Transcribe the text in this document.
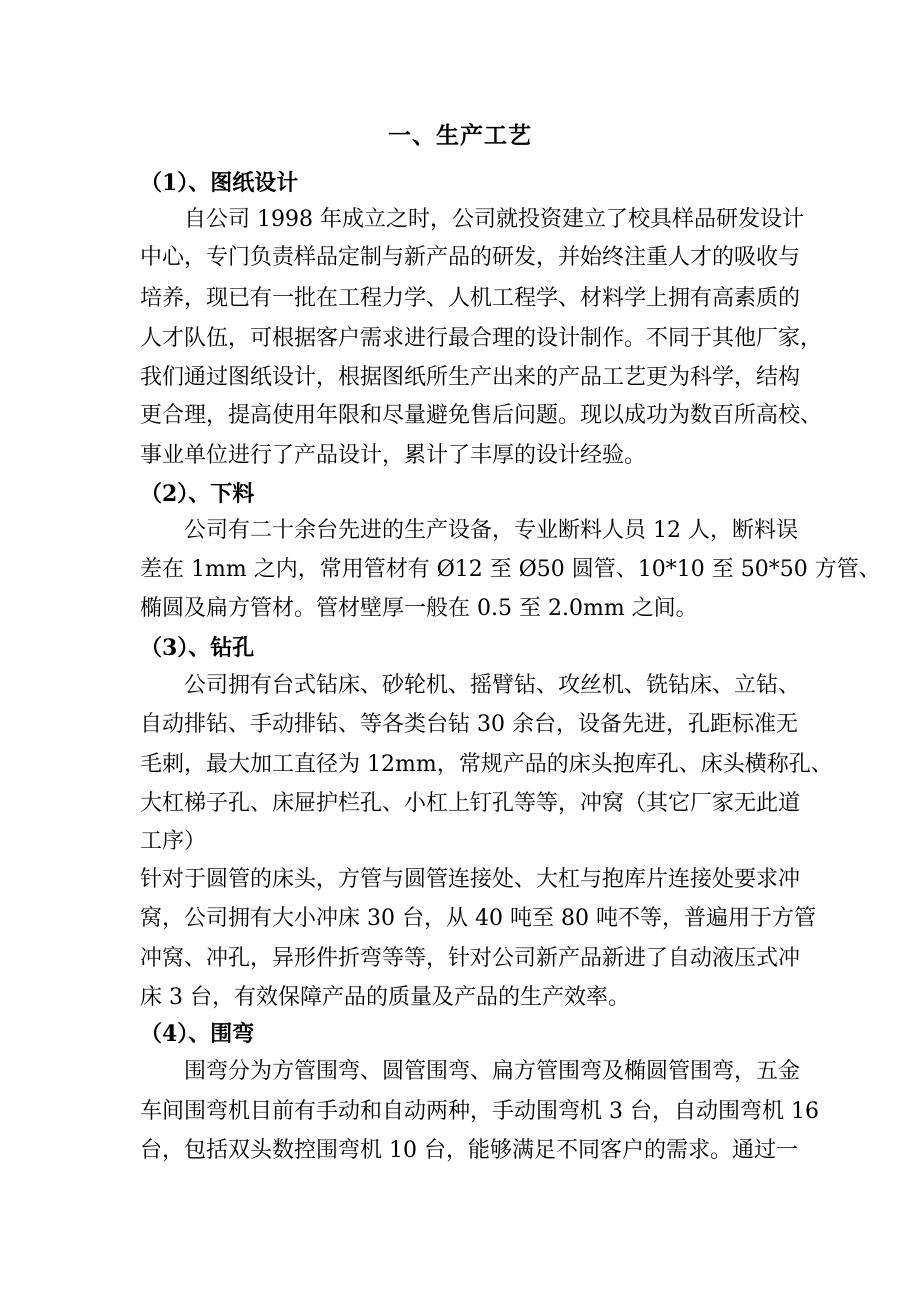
一、生产工艺
（1）、图纸设计
自公司 1998 年成立之时，公司就投资建立了校具样品研发设计
中心，专门负责样品定制与新产品的研发，并始终注重人才的吸收与
培养，现已有一批在工程力学、人机工程学、材料学上拥有高素质的
人才队伍，可根据客户需求进行最合理的设计制作。不同于其他厂家，
我们通过图纸设计，根据图纸所生产出来的产品工艺更为科学，结构
更合理，提高使用年限和尽量避免售后问题。现以成功为数百所高校、
事业单位进行了产品设计，累计了丰厚的设计经验。
（2）、下料
公司有二十余台先进的生产设备，专业断料人员 12 人，断料误
差在 1mm 之内，常用管材有 Ø12 至 Ø50 圆管、10*10 至 50*50 方管、
椭圆及扁方管材。管材壁厚一般在 0.5 至 2.0mm 之间。
（3）、钻孔
公司拥有台式钻床、砂轮机、摇臂钻、攻丝机、铣钻床、立钻、
自动排钻、手动排钻、等各类台钻 30 余台，设备先进，孔距标准无
毛刺，最大加工直径为 12mm，常规产品的床头抱库孔、床头横称孔、
大杠梯子孔、床屉护栏孔、小杠上钉孔等等，冲窝（其它厂家无此道
工序）
针对于圆管的床头，方管与圆管连接处、大杠与抱库片连接处要求冲
窝，公司拥有大小冲床 30 台，从 40 吨至 80 吨不等，普遍用于方管
冲窝、冲孔，异形件折弯等等，针对公司新产品新进了自动液压式冲
床 3 台，有效保障产品的质量及产品的生产效率。
（4）、围弯
围弯分为方管围弯、圆管围弯、扁方管围弯及椭圆管围弯，五金
车间围弯机目前有手动和自动两种，手动围弯机 3 台，自动围弯机 16
台，包括双头数控围弯机 10 台，能够满足不同客户的需求。通过一
